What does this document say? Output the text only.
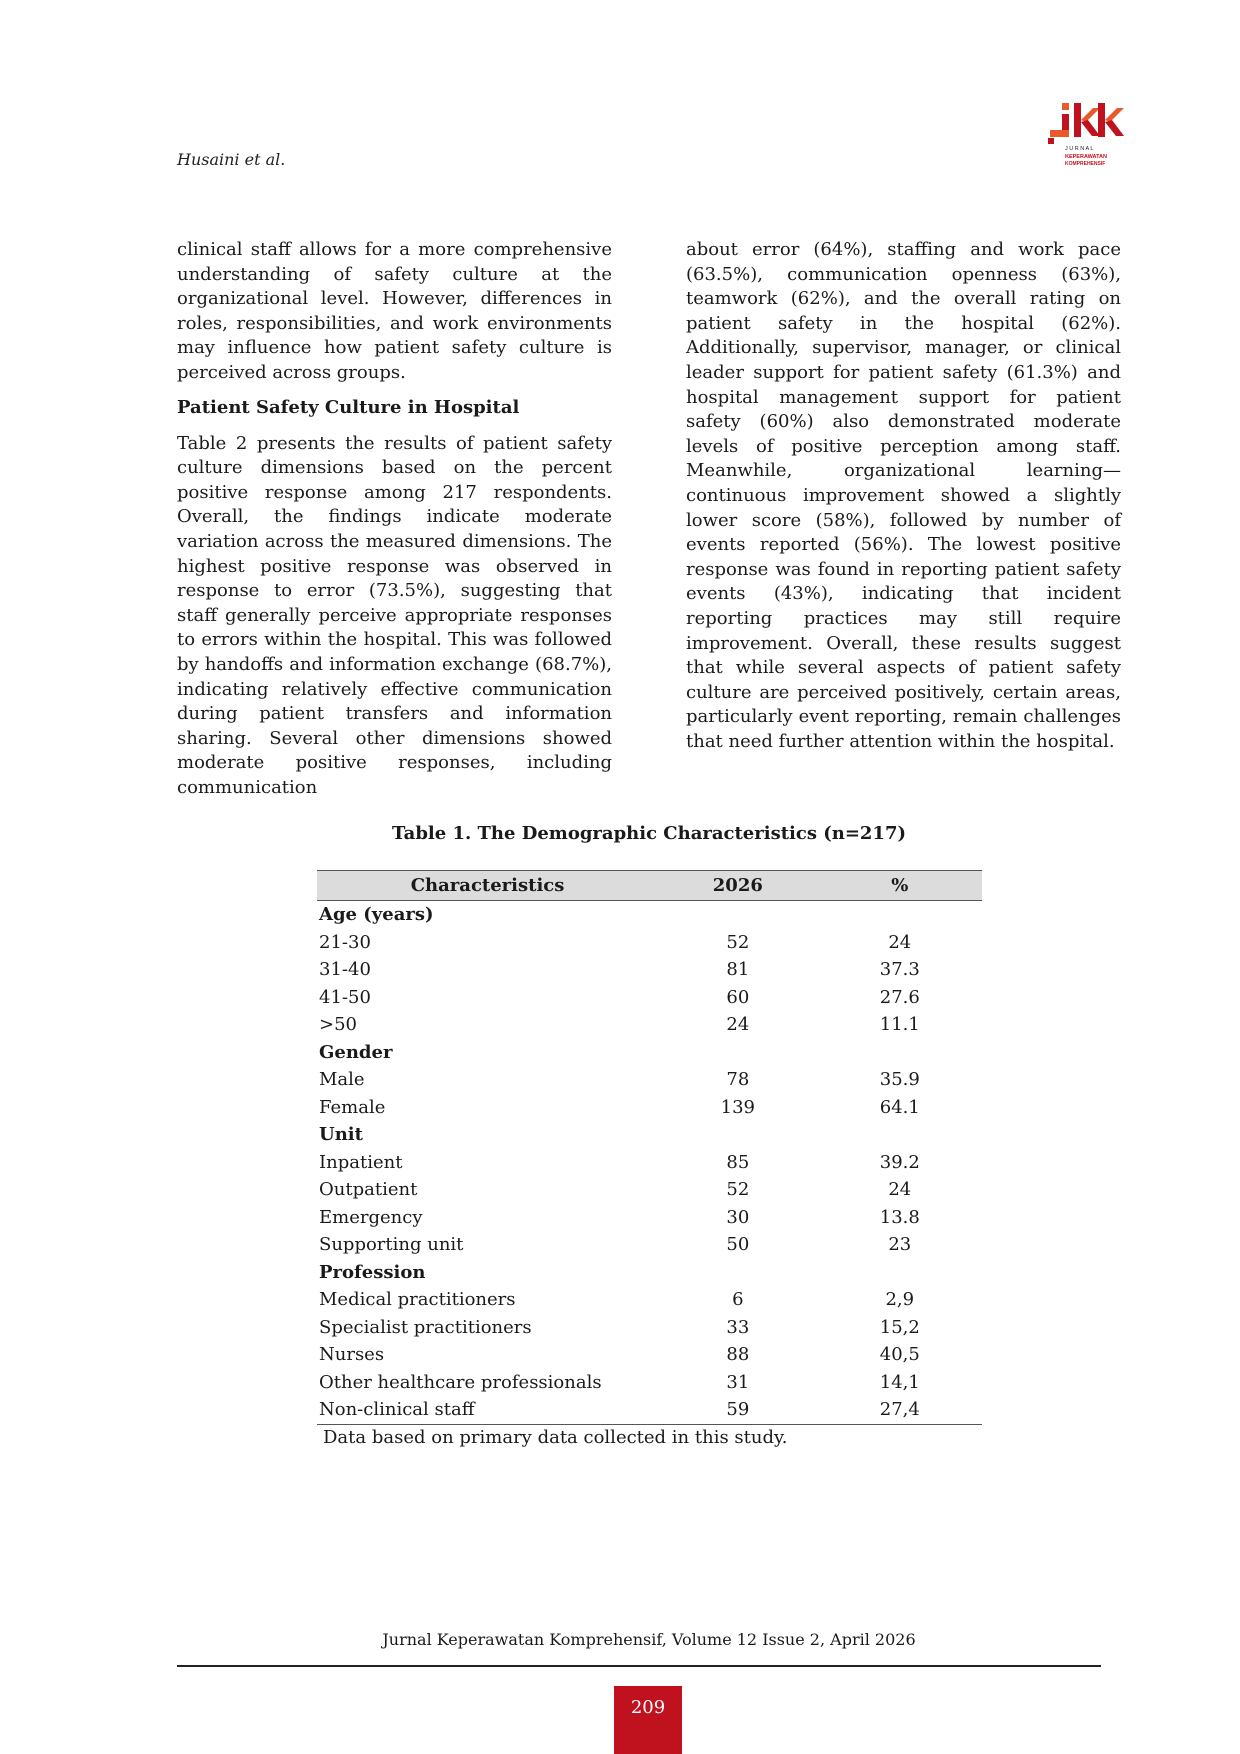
Husaini et al.
J U R N A L
KEPERAWATAN
KOMPREHENSIF

clinical staff allows for a more comprehensive understanding of safety culture at the organizational level. However, differences in roles, responsibilities, and work environments may influence how patient safety culture is perceived across groups.

Patient Safety Culture in Hospital

Table 2 presents the results of patient safety culture dimensions based on the percent positive response among 217 respondents. Overall, the findings indicate moderate variation across the measured dimensions. The highest positive response was observed in response to error (73.5%), suggesting that staff generally perceive appropriate responses to errors within the hospital. This was followed by handoffs and information exchange (68.7%), indicating relatively effective communication during patient transfers and information sharing. Several other dimensions showed moderate positive responses, including communication

about error (64%), staffing and work pace (63.5%), communication openness (63%), teamwork (62%), and the overall rating on patient safety in the hospital (62%). Additionally, supervisor, manager, or clinical leader support for patient safety (61.3%) and hospital management support for patient safety (60%) also demonstrated moderate levels of positive perception among staff. Meanwhile, organizational learning—continuous improvement showed a slightly lower score (58%), followed by number of events reported (56%). The lowest positive response was found in reporting patient safety events (43%), indicating that incident reporting practices may still require improvement. Overall, these results suggest that while several aspects of patient safety culture are perceived positively, certain areas, particularly event reporting, remain challenges that need further attention within the hospital.

Table 1. The Demographic Characteristics (n=217)
Characteristics	2026	%
Age (years)		
21-30	52	24
31-40	81	37.3
41-50	60	27.6
>50	24	11.1
Gender		
Male	78	35.9
Female	139	64.1
Unit		
Inpatient	85	39.2
Outpatient	52	24
Emergency	30	13.8
Supporting unit	50	23
Profession		
Medical practitioners	6	2,9
Specialist practitioners	33	15,2
Nurses	88	40,5
Other healthcare professionals	31	14,1
Non-clinical staff	59	27,4
Data based on primary data collected in this study.
Jurnal Keperawatan Komprehensif, Volume 12 Issue 2, April 2026
209
